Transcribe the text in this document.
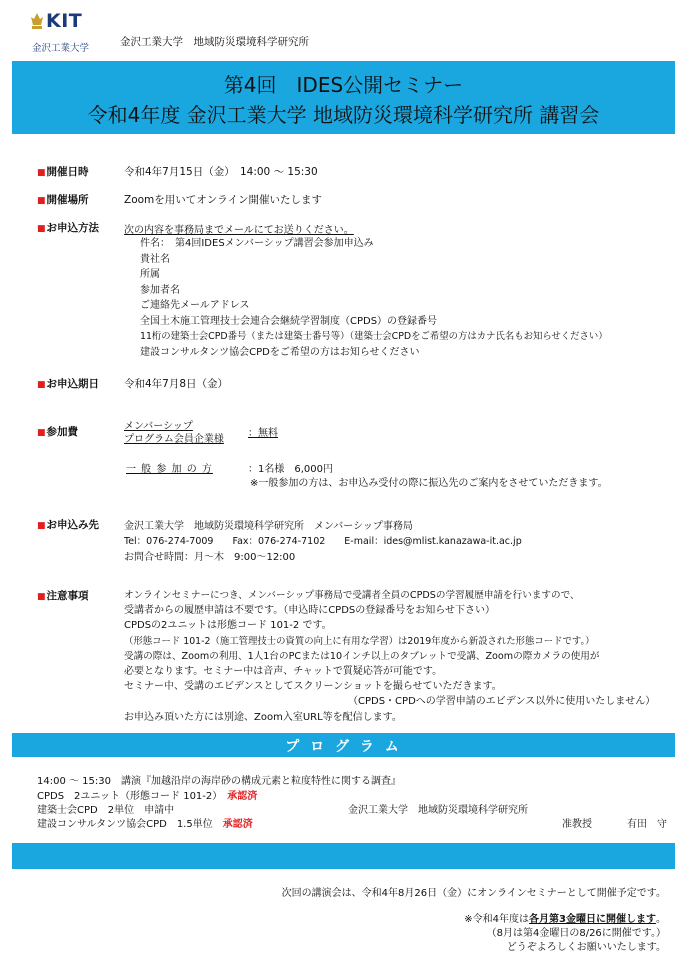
KIT
金沢工業大学
金沢工業大学　地域防災環境科学研究所
第4回　IDES公開セミナー
令和4年度 金沢工業大学 地域防災環境科学研究所 講習会
■開催日時	令和4年7月15日（金）　14:00 ～ 15:30
■開催場所	Zoomを用いてオンライン開催いたします
■お申込方法 次の内容を事務局までメールにてお送りください。
件名：　第4回IDESメンバーシップ講習会参加申込み
貴社名
所属
参加者名
ご連絡先メールアドレス
全国土木施工管理技士会連合会継続学習制度（CPDS）の登録番号
11桁の建築士会CPD番号（または建築士番号等）（建築士会CPDをご希望の方はカナ氏名もお知らせください）
建設コンサルタンツ協会CPDをご希望の方はお知らせください
■お申込期日 令和4年7月8日（金）
■参加費	メンバーシップ
プログラム会員企業様
：無料
一 般 参 加 の 方	：1名様　6,000円
※一般参加の方は、お申込み受付の際に振込先のご案内をさせていただきます。
■お申込み先 金沢工業大学　地域防災環境科学研究所　メンバーシップ事務局
Tel：076-274-7009　　Fax：076-274-7102　　E-mail：ides@mlist.kanazawa-it.ac.jp
お問合せ時間：月～木　9:00～12:00
■注意事項	オンラインセミナーにつき、メンバーシップ事務局で受講者全員のCPDSの学習履歴申請を行いますので、
受講者からの履歴申請は不要です。（申込時にCPDSの登録番号をお知らせ下さい）
CPDSの2ユニットは形態コード 101-2 です。
（形態コード 101-2（施工管理技士の資質の向上に有用な学習）は2019年度から新設された形態コードです。）
受講の際は、Zoomの利用、1人1台のPCまたは10インチ以上のタブレットで受講、Zoomの際カメラの使用が
必要となります。セミナー中は音声、チャットで質疑応答が可能です。
セミナー中、受講のエビデンスとしてスクリーンショットを撮らせていただきます。
（CPDS・CPDへの学習申請のエビデンス以外に使用いたしません）
お申込み頂いた方には別途、Zoom入室URL等を配信します。
プ ロ グ ラ ム
14:00 ～ 15:30　講演『加越沿岸の海岸砂の構成元素と粒度特性に関する調査』
CPDS　2ユニット（形態コード 101-2）　 承認済
建築士会CPD　2単位　申請中
建設コンサルタンツ協会CPD　1.5単位　 承認済
金沢工業大学　地域防災環境科学研究所
准教授	有田　守
次回の講演会は、令和4年8月26日（金）にオンラインセミナーとして開催予定です。
※令和4年度は各月第3金曜日に開催します。
（8月は第4金曜日の8/26に開催です。）
どうぞよろしくお願いいたします。
